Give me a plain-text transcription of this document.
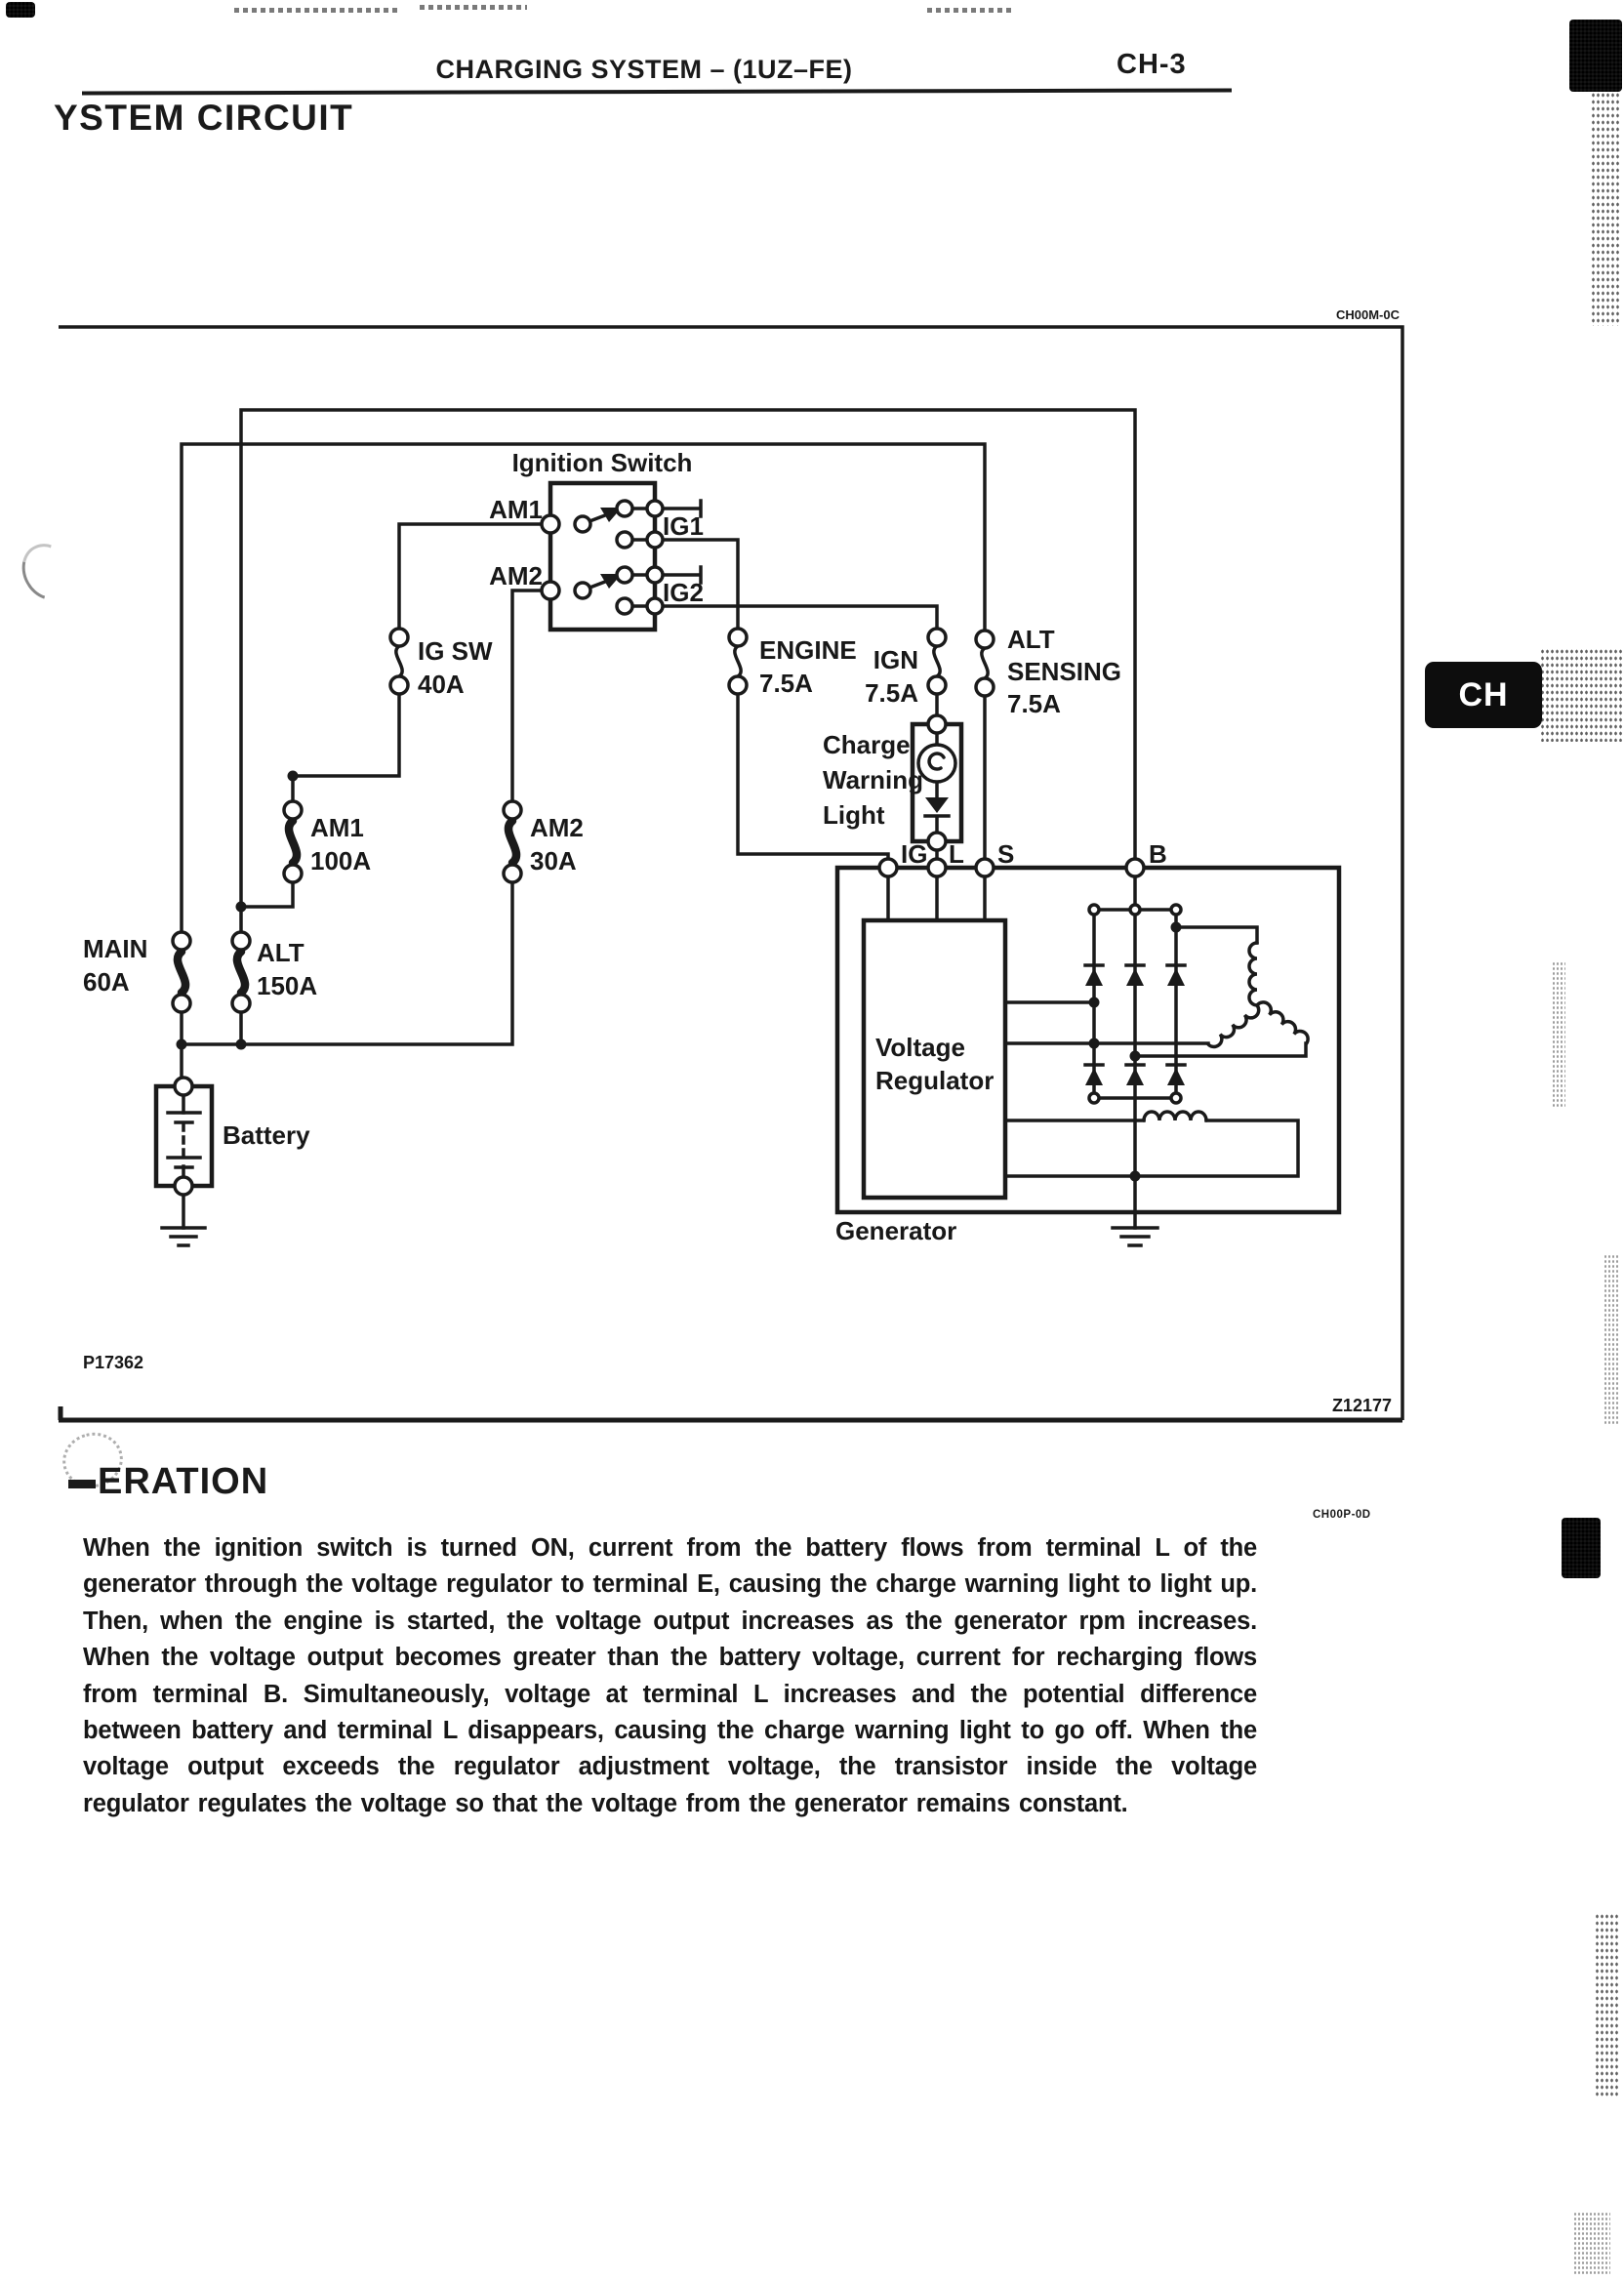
CHARGING SYSTEM – (1UZ–FE)	CH-3
YSTEM CIRCUIT
CH
Ignition Switch
AM1
AM2
IG1
IG2
IG SW
40A
ENGINE
7.5A
IGN
7.5A
ALT
SENSING
7.5A
AM1
100A
AM2
30A
MAIN
60A
ALT
150A
Charge
Warning
Light
Battery
Generator
Voltage
Regulator
IG L S	B
CH00M-0C
P17362
Z12177
ERATION
CH00P-0D
When the ignition switch is turned ON, current from the battery flows from terminal L of the generator through the voltage regulator to terminal E, causing the charge warning light to light up. Then, when the engine is started, the voltage output increases as the generator rpm increases. When the voltage output becomes greater than the battery voltage, current for recharging flows from terminal B. Simultaneously, voltage at terminal L increases and the potential difference between battery and terminal L disappears, causing the charge warning light to go off. When the voltage output exceeds the regulator adjustment voltage, the transistor inside the voltage regulator regulates the voltage so that the voltage from the generator remains constant.
